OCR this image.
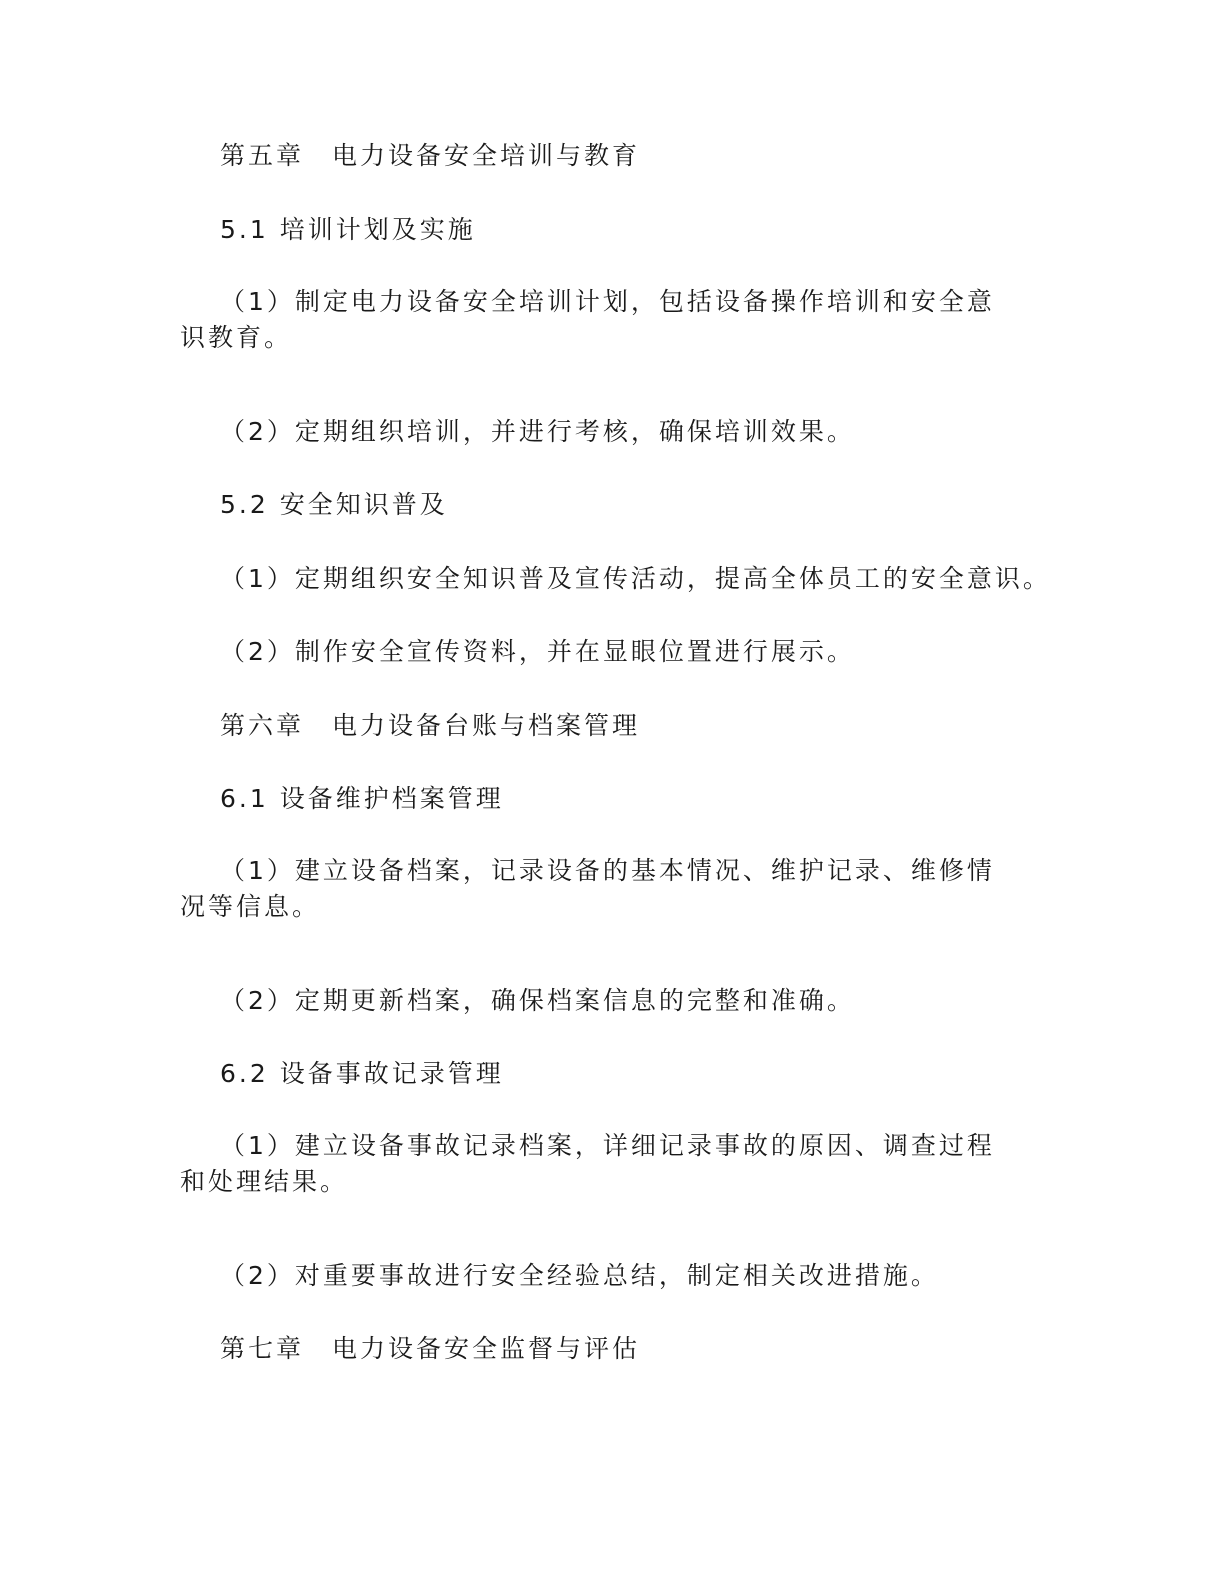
第五章　电力设备安全培训与教育
5.1 培训计划及实施
（1）制定电力设备安全培训计划，包括设备操作培训和安全意识教育。
（2）定期组织培训，并进行考核，确保培训效果。
5.2 安全知识普及
（1）定期组织安全知识普及宣传活动，提高全体员工的安全意识。
（2）制作安全宣传资料，并在显眼位置进行展示。
第六章　电力设备台账与档案管理
6.1 设备维护档案管理
（1）建立设备档案，记录设备的基本情况、维护记录、维修情况等信息。
（2）定期更新档案，确保档案信息的完整和准确。
6.2 设备事故记录管理
（1）建立设备事故记录档案，详细记录事故的原因、调查过程和处理结果。
（2）对重要事故进行安全经验总结，制定相关改进措施。
第七章　电力设备安全监督与评估
